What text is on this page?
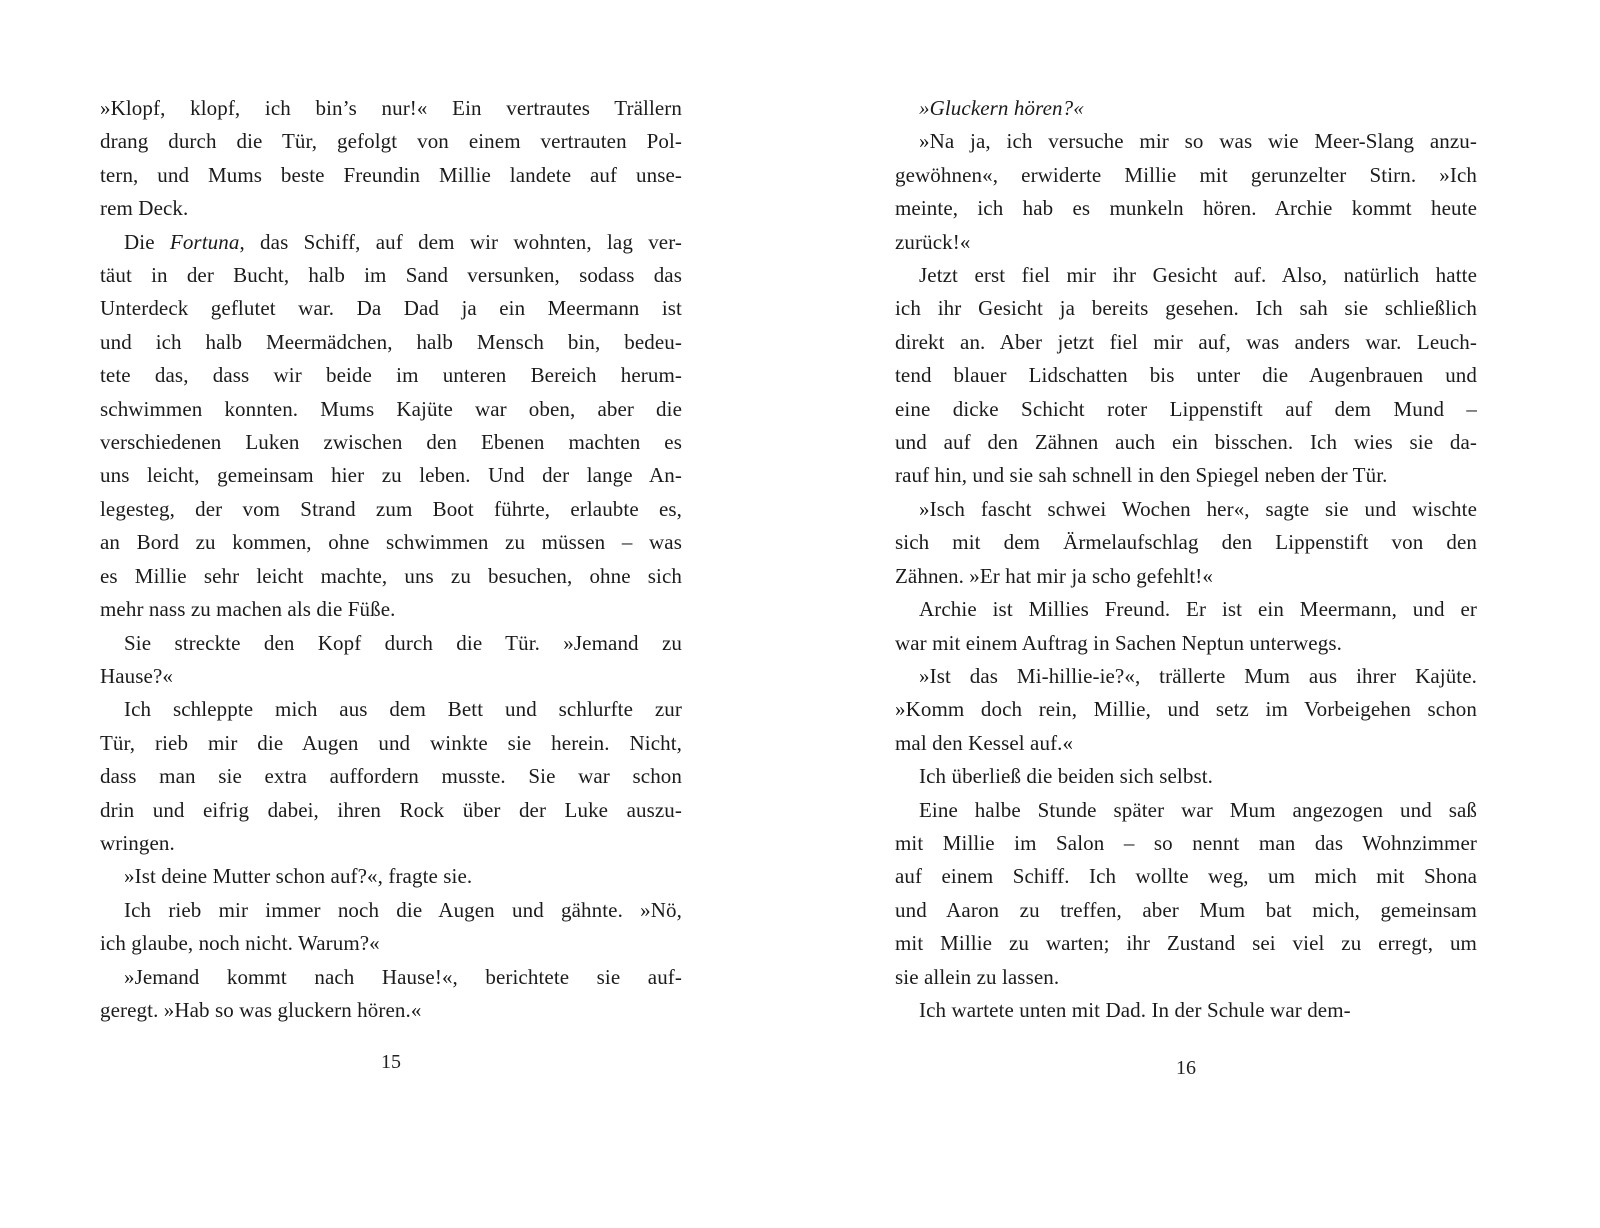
»Klopf, klopf, ich bin’s nur!« Ein vertrautes Trällern
drang durch die Tür, gefolgt von einem vertrauten Pol-
tern, und Mums beste Freundin Millie landete auf unse-
rem Deck.
Die Fortuna, das Schiff, auf dem wir wohnten, lag ver-
täut in der Bucht, halb im Sand versunken, sodass das
Unterdeck geflutet war. Da Dad ja ein Meermann ist
und ich halb Meermädchen, halb Mensch bin, bedeu-
tete das, dass wir beide im unteren Bereich herum-
schwimmen konnten. Mums Kajüte war oben, aber die
verschiedenen Luken zwischen den Ebenen machten es
uns leicht, gemeinsam hier zu leben. Und der lange An-
legesteg, der vom Strand zum Boot führte, erlaubte es,
an Bord zu kommen, ohne schwimmen zu müssen – was
es Millie sehr leicht machte, uns zu besuchen, ohne sich
mehr nass zu machen als die Füße.
Sie streckte den Kopf durch die Tür. »Jemand zu
Hause?«
Ich schleppte mich aus dem Bett und schlurfte zur
Tür, rieb mir die Augen und winkte sie herein. Nicht,
dass man sie extra auffordern musste. Sie war schon
drin und eifrig dabei, ihren Rock über der Luke auszu-
wringen.
»Ist deine Mutter schon auf?«, fragte sie.
Ich rieb mir immer noch die Augen und gähnte. »Nö,
ich glaube, noch nicht. Warum?«
»Jemand kommt nach Hause!«, berichtete sie auf-
geregt. »Hab so was gluckern hören.«
»Gluckern hören?«
»Na ja, ich versuche mir so was wie Meer-Slang anzu-
gewöhnen«, erwiderte Millie mit gerunzelter Stirn. »Ich
meinte, ich hab es munkeln hören. Archie kommt heute
zurück!«
Jetzt erst fiel mir ihr Gesicht auf. Also, natürlich hatte
ich ihr Gesicht ja bereits gesehen. Ich sah sie schließlich
direkt an. Aber jetzt fiel mir auf, was anders war. Leuch-
tend blauer Lidschatten bis unter die Augenbrauen und
eine dicke Schicht roter Lippenstift auf dem Mund –
und auf den Zähnen auch ein bisschen. Ich wies sie da-
rauf hin, und sie sah schnell in den Spiegel neben der Tür.
»Isch fascht schwei Wochen her«, sagte sie und wischte
sich mit dem Ärmelaufschlag den Lippenstift von den
Zähnen. »Er hat mir ja scho gefehlt!«
Archie ist Millies Freund. Er ist ein Meermann, und er
war mit einem Auftrag in Sachen Neptun unterwegs.
»Ist das Mi-hillie-ie?«, trällerte Mum aus ihrer Kajüte.
»Komm doch rein, Millie, und setz im Vorbeigehen schon
mal den Kessel auf.«
Ich überließ die beiden sich selbst.
Eine halbe Stunde später war Mum angezogen und saß
mit Millie im Salon – so nennt man das Wohnzimmer
auf einem Schiff. Ich wollte weg, um mich mit Shona
und Aaron zu treffen, aber Mum bat mich, gemeinsam
mit Millie zu warten; ihr Zustand sei viel zu erregt, um
sie allein zu lassen.
Ich wartete unten mit Dad. In der Schule war dem-
15	16
